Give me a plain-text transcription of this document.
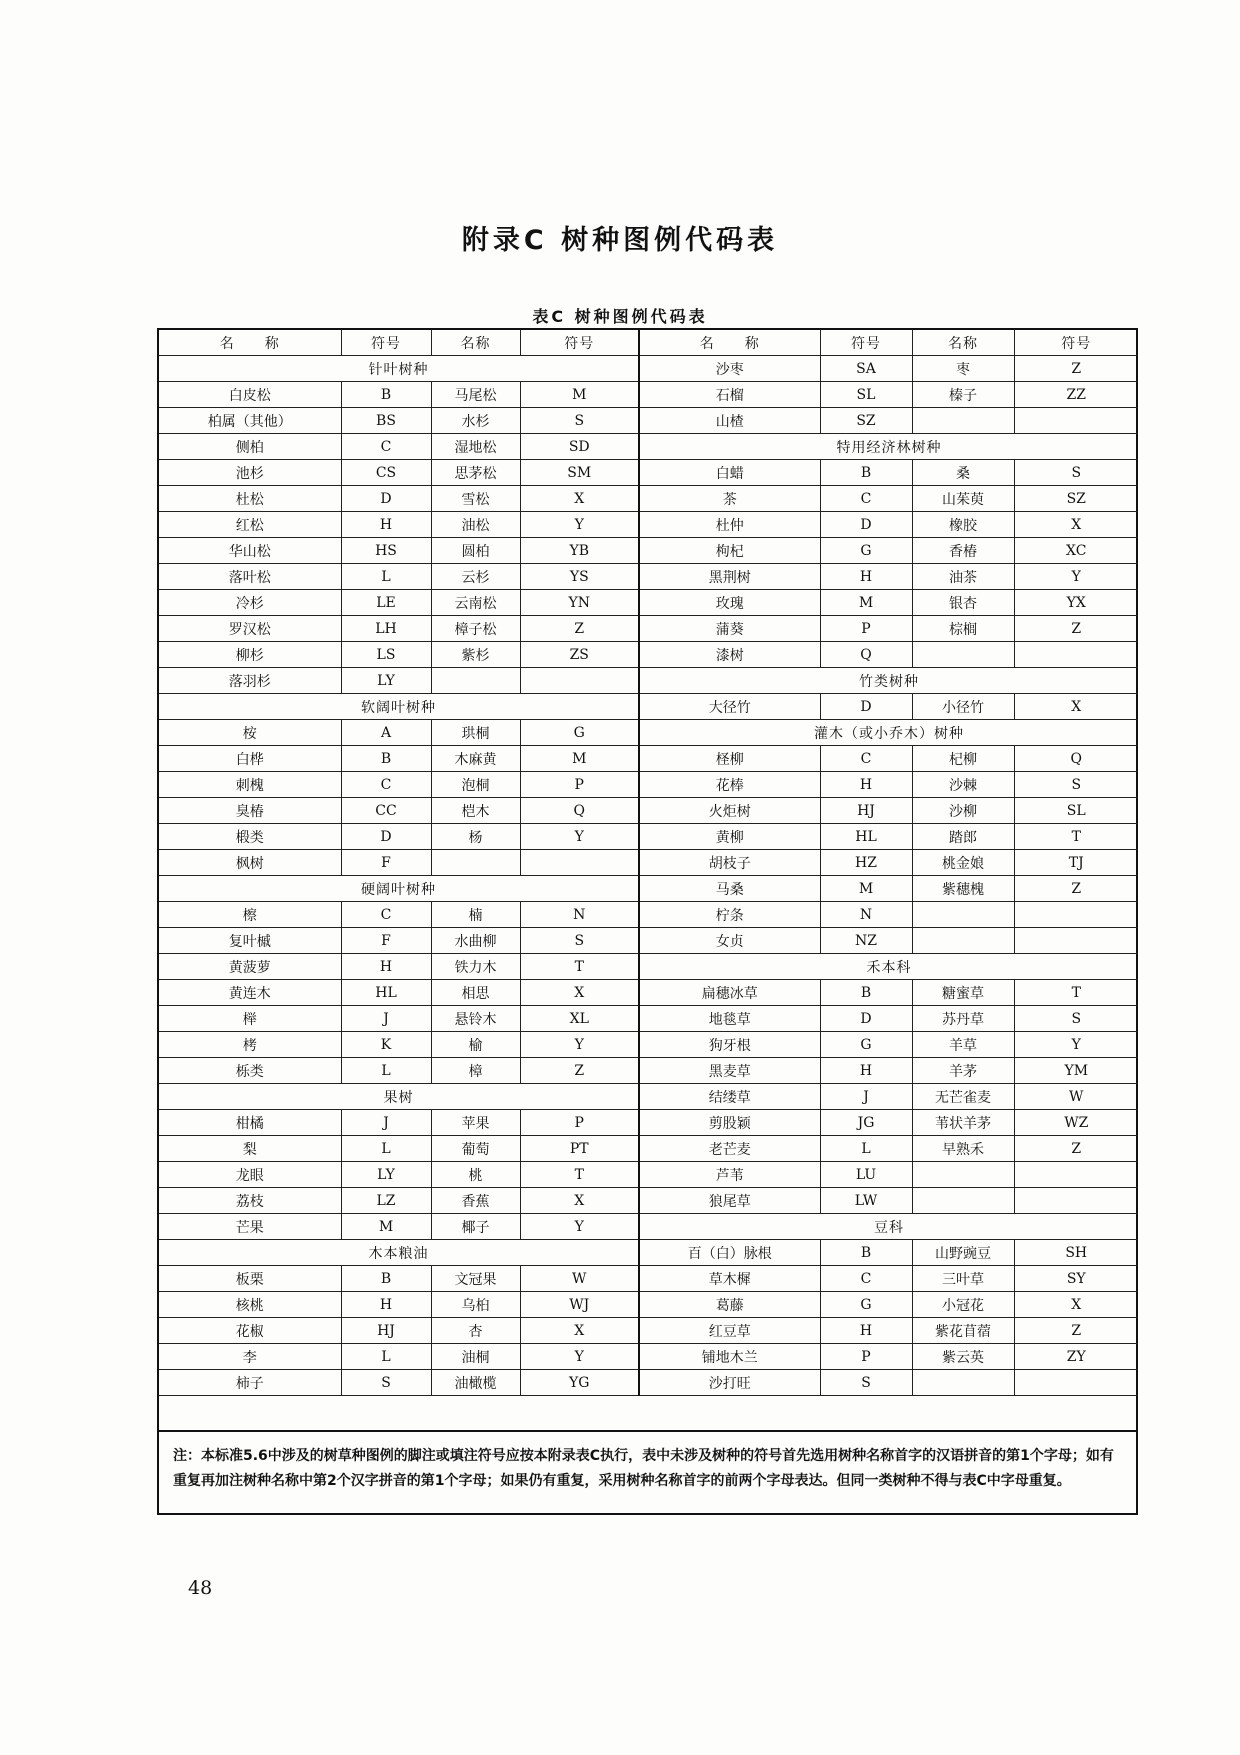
附录C 树种图例代码表
表C 树种图例代码表
名　　称	符号	名称	符号
针叶树种			
白皮松	B	马尾松	M
柏属（其他）	BS	水杉	S
侧柏	C	湿地松	SD
池杉	CS	思茅松	SM
杜松	D	雪松	X
红松	H	油松	Y
华山松	HS	圆柏	YB
落叶松	L	云杉	YS
冷杉	LE	云南松	YN
罗汉松	LH	樟子松	Z
柳杉	LS	紫杉	ZS
落羽杉	LY		
软阔叶树种			
桉	A	珙桐	G
白桦	B	木麻黄	M
刺槐	C	泡桐	P
臭椿	CC	桤木	Q
椴类	D	杨	Y
枫树	F		
硬阔叶树种			
檫	C	楠	N
复叶槭	F	水曲柳	S
黄菠萝	H	铁力木	T
黄连木	HL	相思	X
榉	J	悬铃木	XL
栲	K	榆	Y
栎类	L	樟	Z
果树			
柑橘	J	苹果	P
梨	L	葡萄	PT
龙眼	LY	桃	T
荔枝	LZ	香蕉	X
芒果	M	椰子	Y
木本粮油			
板栗	B	文冠果	W
核桃	H	乌桕	WJ
花椒	HJ	杏	X
李	L	油桐	Y
柿子	S	油橄榄	YG
名　　称	符号	名称	符号
沙枣	SA	枣	Z
石榴	SL	榛子	ZZ
山楂	SZ		
特用经济林树种			
白蜡	B	桑	S
茶	C	山茱萸	SZ
杜仲	D	橡胶	X
枸杞	G	香椿	XC
黑荆树	H	油茶	Y
玫瑰	M	银杏	YX
蒲葵	P	棕榈	Z
漆树	Q		
竹类树种			
大径竹	D	小径竹	X
灌木（或小乔木）树种			
柽柳	C	杞柳	Q
花棒	H	沙棘	S
火炬树	HJ	沙柳	SL
黄柳	HL	踏郎	T
胡枝子	HZ	桃金娘	TJ
马桑	M	紫穗槐	Z
柠条	N		
女贞	NZ		
禾本科			
扁穗冰草	B	糖蜜草	T
地毯草	D	苏丹草	S
狗牙根	G	羊草	Y
黑麦草	H	羊茅	YM
结缕草	J	无芒雀麦	W
剪股颖	JG	苇状羊茅	WZ
老芒麦	L	早熟禾	Z
芦苇	LU		
狼尾草	LW		
豆科			
百（白）脉根	B	山野豌豆	SH
草木樨	C	三叶草	SY
葛藤	G	小冠花	X
红豆草	H	紫花苜蓿	Z
铺地木兰	P	紫云英	ZY
沙打旺	S		
注：本标准5.6中涉及的树草种图例的脚注或填注符号应按本附录表C执行，表中未涉及树种的符号首先选用树种名称首字的汉语拼音的第1个字母；如有重复再加注树种名称中第2个汉字拼音的第1个字母；如果仍有重复，采用树种名称首字的前两个字母表达。但同一类树种不得与表C中字母重复。
48
